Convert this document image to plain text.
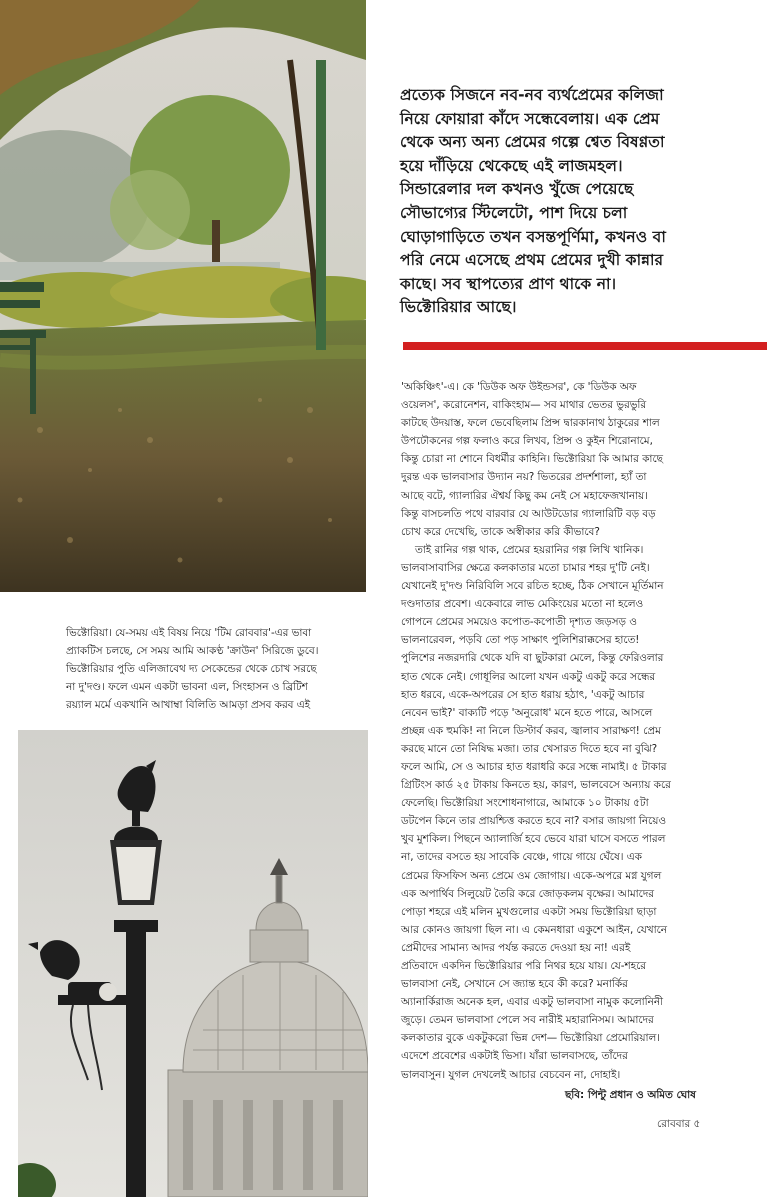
প্রত্যেক সিজনে নব-নব ব্যর্থপ্রেমের কলিজা
নিয়ে ফোয়ারা কাঁদে সন্ধেবেলায়। এক প্রেম
থেকে অন্য অন্য প্রেমের গল্পে শ্বেত বিষণ্ণতা
হয়ে দাঁড়িয়ে থেকেছে এই লাজমহল।
সিন্ডারেলার দল কখনও খুঁজে পেয়েছে
সৌভাগ্যের স্টিলেটো, পাশ দিয়ে চলা
ঘোড়াগাড়িতে তখন বসন্তপূর্ণিমা, কখনও বা
পরি নেমে এসেছে প্রথম প্রেমের দুখী কান্নার
কাছে। সব স্থাপত্যের প্রাণ থাকে না।
ভিক্টোরিয়ার আছে।
ভিক্টোরিয়া। যে-সময় এই বিষয় নিয়ে 'টিম রোববার'-এর ভাবা
প্র্যাকটিস চলছে, সে সময় আমি আকণ্ঠ 'ক্রাউন' সিরিজে ডুবে।
ভিক্টোরিয়ার পুতি এলিজাবেথ দ্য সেকেন্ডের থেকে চোখ সরছে
না দু'দণ্ড। ফলে এমন একটা ভাবনা এল, সিংহাসন ও ব্রিটিশ
রয়্যাল মর্মে একখানি আখাম্বা বিলিতি আমড়া প্রসব করব এই
'অকিঞ্চিৎ'-এ। কে 'ডিউক অফ উইন্ডসর', কে 'ডিউক অফ
ওয়েলস', করোনেশন, বাকিংহাম— সব মাথার ভেতর ভুরভুরি
কাটছে উদয়াস্ত, ফলে ভেবেছিলাম প্রিন্স দ্বারকানাথ ঠাকুরের শাল
উপঢৌকনের গল্প ফলাও করে লিখব, প্রিন্স ও কুইন শিরোনামে,
কিন্তু চোরা না শোনে বিধর্মীর কাহিনি। ভিক্টোরিয়া কি আমার কাছে
দুরন্ত এক ভালবাসার উদ্যান নয়? ভিতরের প্রদর্শশালা, হ্যাঁ তা
আছে বটে, গ্যালারির ঐশ্বর্য কিছু কম নেই সে মহাফেজখানায়।
কিন্তু বাসচলতি পথে বারবার যে আউটডোর গ্যালারিটি বড় বড়
চোখ করে দেখেছি, তাকে অস্বীকার করি কীভাবে?
তাই রানির গল্প থাক, প্রেমের হয়রানির গল্প লিখি খানিক।
ভালবাসাবাসির ক্ষেত্রে কলকাতার মতো চামার শহর দু'টি নেই।
যেখানেই দু'দণ্ড নিরিবিলি সবে রচিত হচ্ছে, ঠিক সেখানে মূর্তিমান
দণ্ডদাতার প্রবেশ। একেবারে লাভ মেকিংয়ের মতো না হলেও
গোপনে প্রেমের সময়েও কপোত-কপোতী দৃশ্যত জড়সড় ও
ভালনারেবল, পড়বি তো পড় সাক্ষাৎ পুলিশিরাক্কসের হাতে!
পুলিশের নজরদারি থেকে যদি বা ছুটকারা মেলে, কিন্তু ফেরিওলার
হাত থেকে নেই। গোধূলির আলো যখন একটু একটু করে সন্ধের
হাত ধরবে, একে-অপরের সে হাত ধরায় হঠাৎ, 'একটু আচার
নেবেন ভাই?' বাক্যটি পড়ে 'অনুরোধ' মনে হতে পারে, আসলে
প্রচ্ছন্ন এক হুমকি! না নিলে ডিস্টার্ব করব, জ্বালাব সারাক্ষণ! প্রেম
করছে মানে তো নিষিদ্ধ মজা। তার খেসারত দিতে হবে না বুঝি?
ফলে আমি, সে ও আচার হাত ধরাধরি করে সন্ধে নামাই। ৫ টাকার
গ্রিটিংস কার্ড ২৫ টাকায় কিনতে হয়, কারণ, ভালবেসে অন্যায় করে
ফেলেছি। ভিক্টোরিয়া সংশোধনাগারে, আমাকে ১০ টাকায় ৫টা
ডটপেন কিনে তার প্রায়শ্চিত্ত করতে হবে না? বসার জায়গা নিয়েও
খুব মুশকিল। পিছনে অ্যালার্জি হবে ভেবে যারা ঘাসে বসতে পারল
না, তাদের বসতে হয় সাবেকি বেঞ্চে, গায়ে গায়ে ঘেঁষে। এক
প্রেমের ফিসফিস অন্য প্রেমে ওম জোগায়। একে-অপরে মগ্ন যুগল
এক অপার্থিব সিলুয়েট তৈরি করে জোড়কলম বৃক্ষের। আমাদের
পোড়া শহরে এই মলিন মুখগুলোর একটা সময় ভিক্টোরিয়া ছাড়া
আর কোনও জায়গা ছিল না। এ কেমনধারা একুশে আইন, যেখানে
প্রেমীদের সামান্য আদর পর্যন্ত করতে দেওয়া হয় না! এরই
প্রতিবাদে একদিন ভিক্টোরিয়ার পরি নিথর হয়ে যায়। যে-শহরে
ভালবাসা নেই, সেখানে সে জ্যান্ত হবে কী করে? মনার্কির
অ্যানার্কিরাজ অনেক হল, এবার একটু ভালবাসা নামুক কলোনিনী
জুড়ে। তেমন ভালবাসা পেলে সব নারীই মহারানিসম। আমাদের
কলকাতার বুকে একটুকরো ভিন্ন দেশ— ভিক্টোরিয়া প্রেমোরিয়াল।
এদেশে প্রবেশের একটাই ভিসা। যাঁরা ভালবাসছে, তাঁদের
ভালবাসুন। যুগল দেখলেই আচার বেচবেন না, দোহাই।
ছবি: পিন্টু প্রধান ও অমিত ঘোষ
রোববার ৫
